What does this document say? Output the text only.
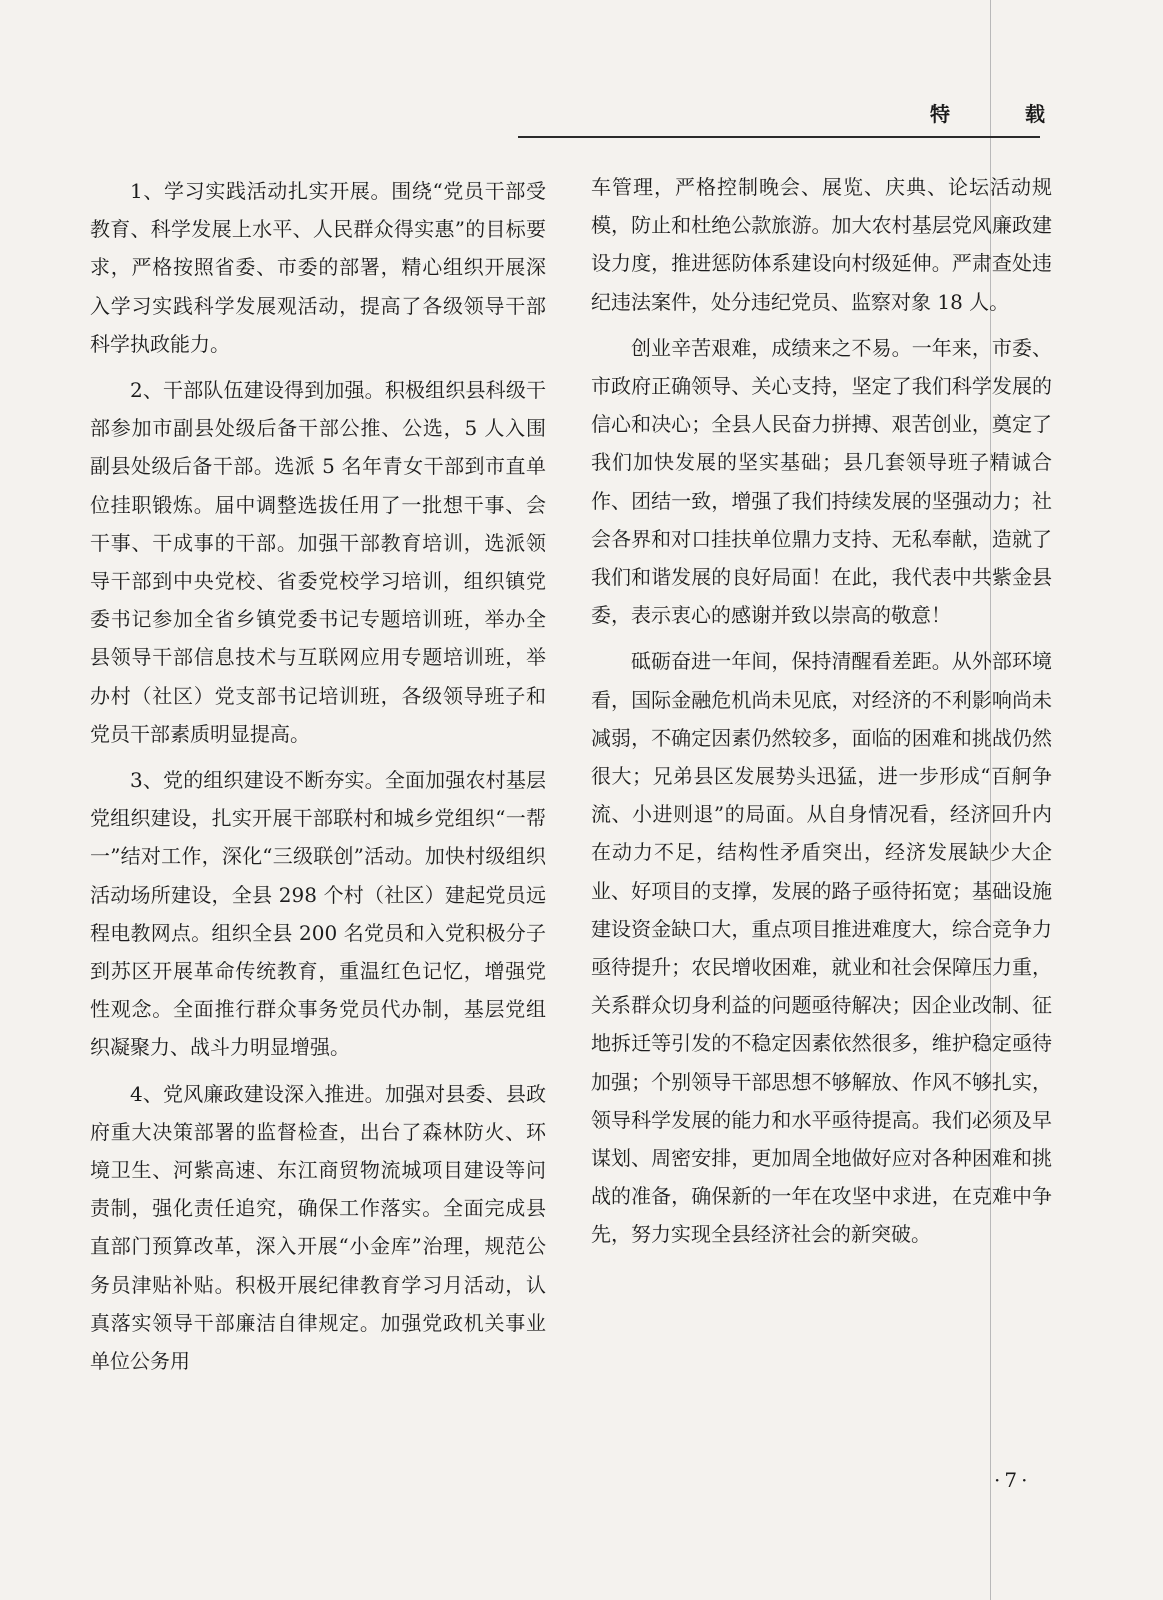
特 载

1、学习实践活动扎实开展。围绕“党员干部受教育、科学发展上水平、人民群众得实惠”的目标要求，严格按照省委、市委的部署，精心组织开展深入学习实践科学发展观活动，提高了各级领导干部科学执政能力。

2、干部队伍建设得到加强。积极组织县科级干部参加市副县处级后备干部公推、公选，5 人入围副县处级后备干部。选派 5 名年青女干部到市直单位挂职锻炼。届中调整选拔任用了一批想干事、会干事、干成事的干部。加强干部教育培训，选派领导干部到中央党校、省委党校学习培训，组织镇党委书记参加全省乡镇党委书记专题培训班，举办全县领导干部信息技术与互联网应用专题培训班，举办村（社区）党支部书记培训班，各级领导班子和党员干部素质明显提高。

3、党的组织建设不断夯实。全面加强农村基层党组织建设，扎实开展干部联村和城乡党组织“一帮一”结对工作，深化“三级联创”活动。加快村级组织活动场所建设，全县 298 个村（社区）建起党员远程电教网点。组织全县 200 名党员和入党积极分子到苏区开展革命传统教育，重温红色记忆，增强党性观念。全面推行群众事务党员代办制，基层党组织凝聚力、战斗力明显增强。

4、党风廉政建设深入推进。加强对县委、县政府重大决策部署的监督检查，出台了森林防火、环境卫生、河紫高速、东江商贸物流城项目建设等问责制，强化责任追究，确保工作落实。全面完成县直部门预算改革，深入开展“小金库”治理，规范公务员津贴补贴。积极开展纪律教育学习月活动，认真落实领导干部廉洁自律规定。加强党政机关事业单位公务用

车管理，严格控制晚会、展览、庆典、论坛活动规模，防止和杜绝公款旅游。加大农村基层党风廉政建设力度，推进惩防体系建设向村级延伸。严肃查处违纪违法案件，处分违纪党员、监察对象 18 人。

创业辛苦艰难，成绩来之不易。一年来，市委、市政府正确领导、关心支持，坚定了我们科学发展的信心和决心；全县人民奋力拼搏、艰苦创业，奠定了我们加快发展的坚实基础；县几套领导班子精诚合作、团结一致，增强了我们持续发展的坚强动力；社会各界和对口挂扶单位鼎力支持、无私奉献，造就了我们和谐发展的良好局面！在此，我代表中共紫金县委，表示衷心的感谢并致以崇高的敬意！

砥砺奋进一年间，保持清醒看差距。从外部环境看，国际金融危机尚未见底，对经济的不利影响尚未减弱，不确定因素仍然较多，面临的困难和挑战仍然很大；兄弟县区发展势头迅猛，进一步形成“百舸争流、小进则退”的局面。从自身情况看，经济回升内在动力不足，结构性矛盾突出，经济发展缺少大企业、好项目的支撑，发展的路子亟待拓宽；基础设施建设资金缺口大，重点项目推进难度大，综合竞争力亟待提升；农民增收困难，就业和社会保障压力重，关系群众切身利益的问题亟待解决；因企业改制、征地拆迁等引发的不稳定因素依然很多，维护稳定亟待加强；个别领导干部思想不够解放、作风不够扎实，领导科学发展的能力和水平亟待提高。我们必须及早谋划、周密安排，更加周全地做好应对各种困难和挑战的准备，确保新的一年在攻坚中求进，在克难中争先，努力实现全县经济社会的新突破。

·7·
